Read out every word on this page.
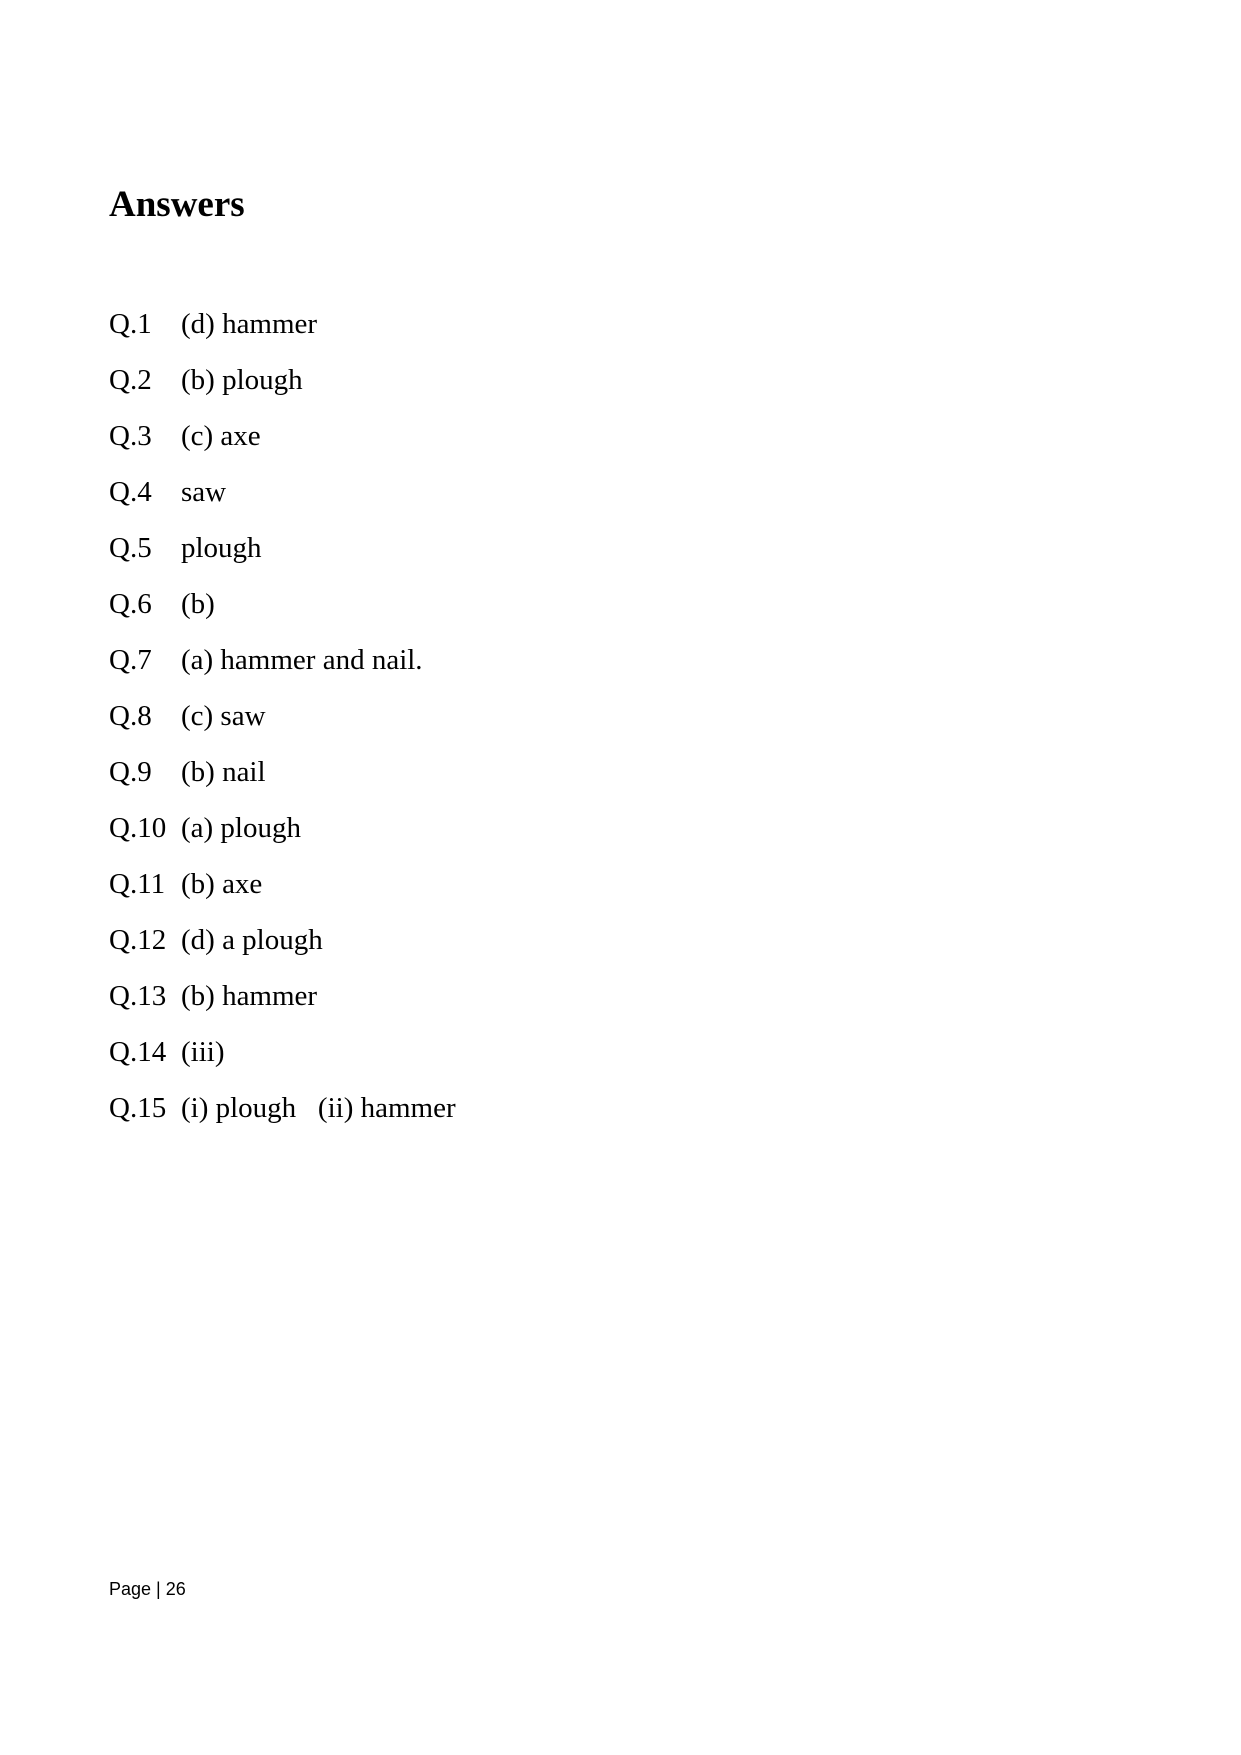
Answers
Q.1	(d) hammer
Q.2	(b) plough
Q.3	(c) axe
Q.4	saw
Q.5	plough
Q.6	(b)
Q.7	(a) hammer and nail.
Q.8	(c) saw
Q.9	(b) nail
Q.10 (a) plough
Q.11 (b) axe
Q.12 (d) a plough
Q.13 (b) hammer
Q.14 (iii)
Q.15 (i) plough   (ii) hammer
Page | 26
